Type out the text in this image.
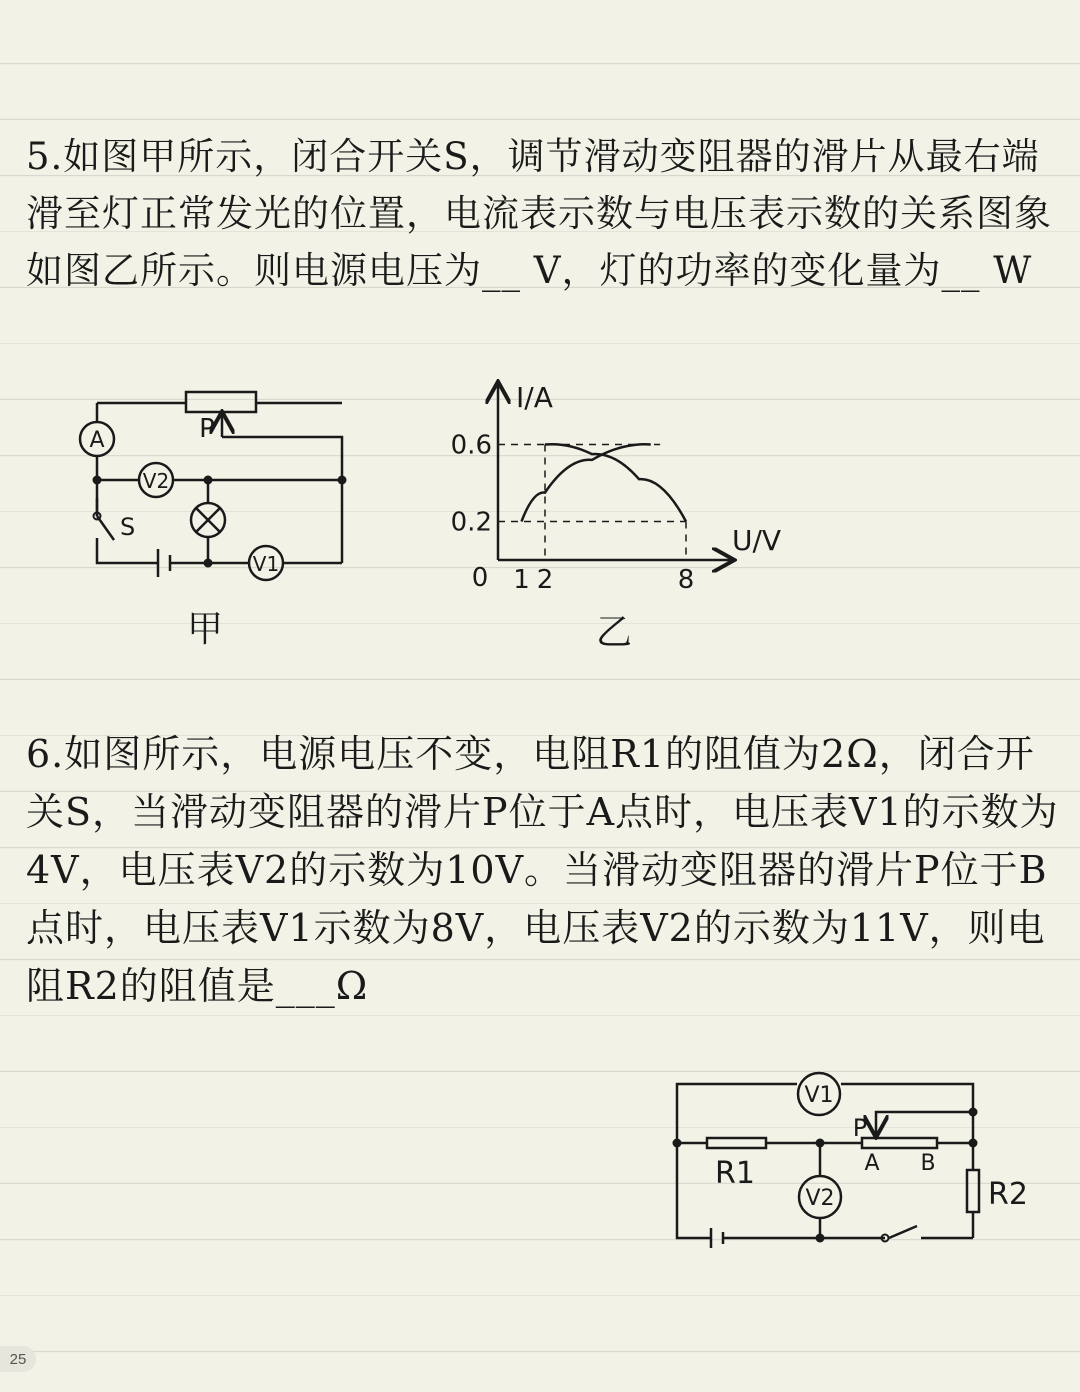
5.如图甲所示，闭合开关S，调节滑动变阻器的滑片从最右端滑至灯正常发光的位置，电流表示数与电压表示数的关系图象如图乙所示。则电源电压为__ V，灯的功率的变化量为__ W
6.如图所示，电源电压不变，电阻R1的阻值为2Ω，闭合开关S，当滑动变阻器的滑片P位于A点时，电压表V1的示数为4V，电压表V2的示数为10V。当滑动变阻器的滑片P位于B点时，电压表V1示数为8V，电压表V2的示数为11V，则电阻R2的阻值是___Ω
A	P
V2
V1
S
甲
1 2	8
0.2
0.6
I/A
U/V
0
乙
V1
V2
R1
R2
P
A B
25
